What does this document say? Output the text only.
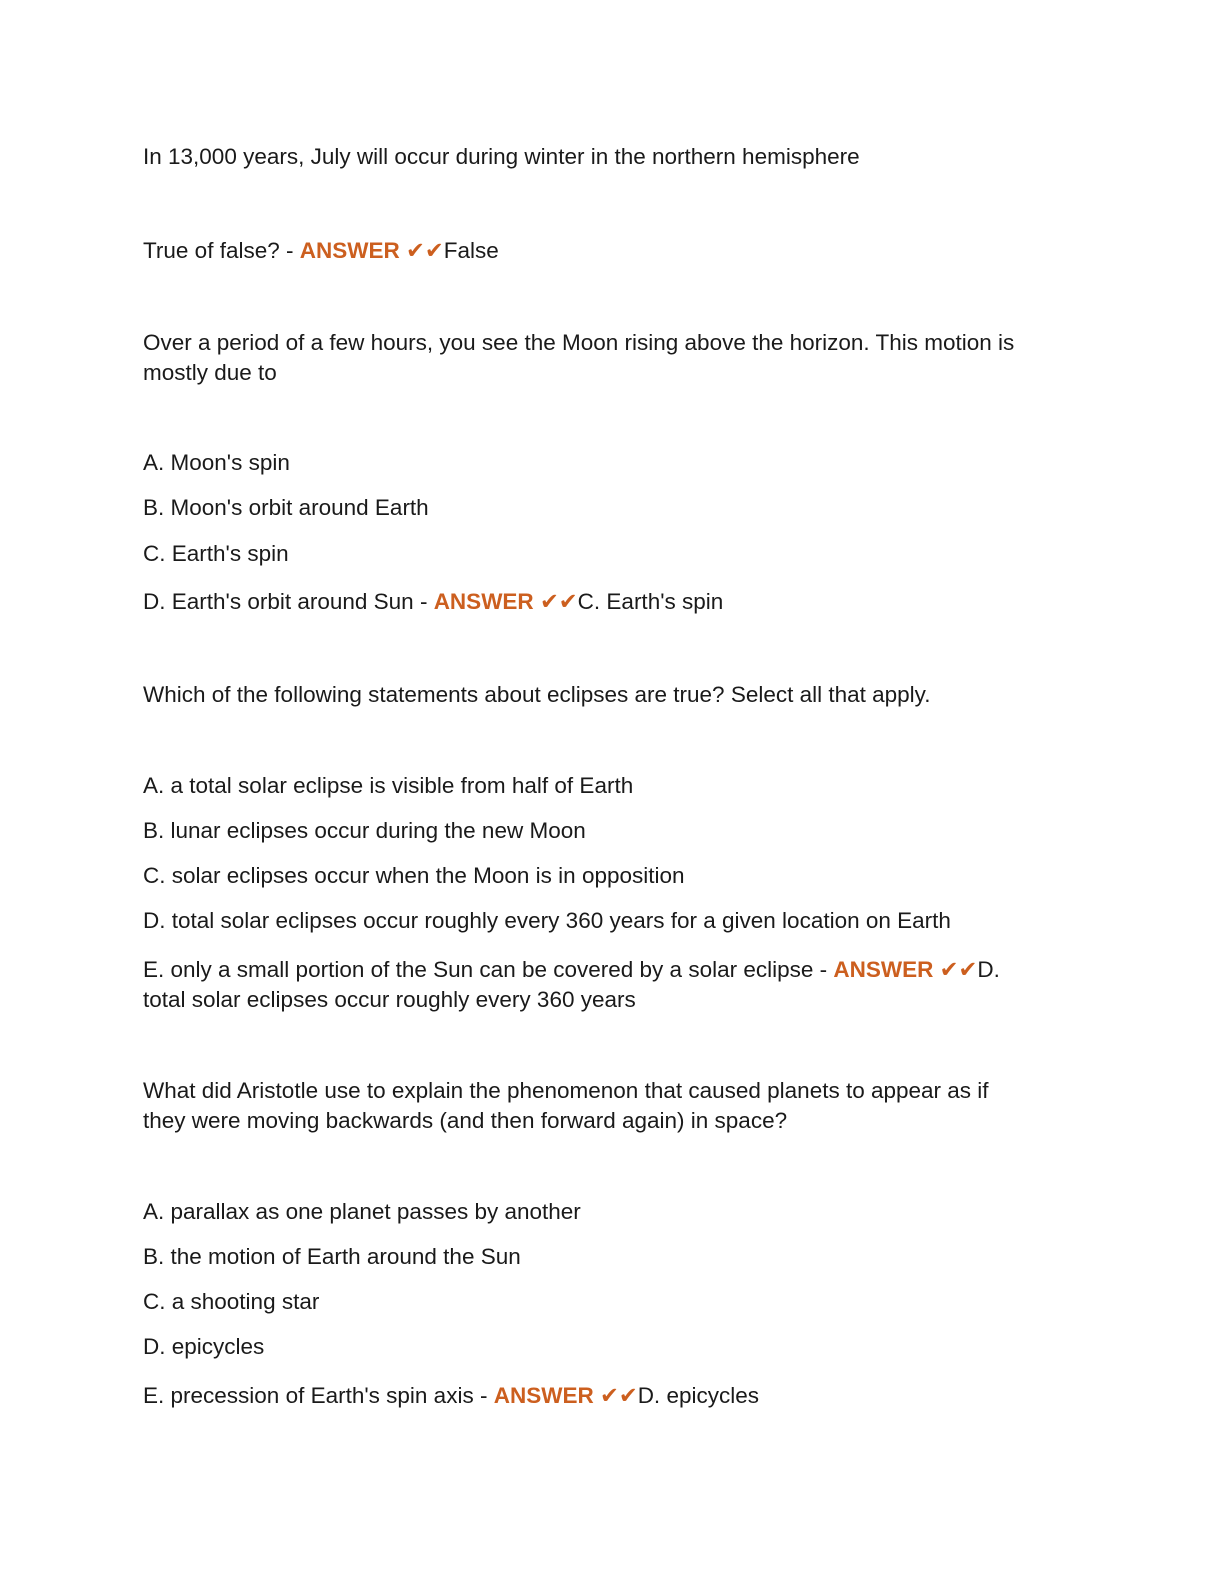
In 13,000 years, July will occur during winter in the northern hemisphere
True of false? - ANSWER ✔✔False
Over a period of a few hours, you see the Moon rising above the horizon. This motion is
mostly due to
A. Moon's spin
B. Moon's orbit around Earth
C. Earth's spin
D. Earth's orbit around Sun - ANSWER ✔✔C. Earth's spin
Which of the following statements about eclipses are true? Select all that apply.
A. a total solar eclipse is visible from half of Earth
B. lunar eclipses occur during the new Moon
C. solar eclipses occur when the Moon is in opposition
D. total solar eclipses occur roughly every 360 years for a given location on Earth
E. only a small portion of the Sun can be covered by a solar eclipse - ANSWER ✔✔D.
total solar eclipses occur roughly every 360 years
What did Aristotle use to explain the phenomenon that caused planets to appear as if
they were moving backwards (and then forward again) in space?
A. parallax as one planet passes by another
B. the motion of Earth around the Sun
C. a shooting star
D. epicycles
E. precession of Earth's spin axis - ANSWER ✔✔D. epicycles
